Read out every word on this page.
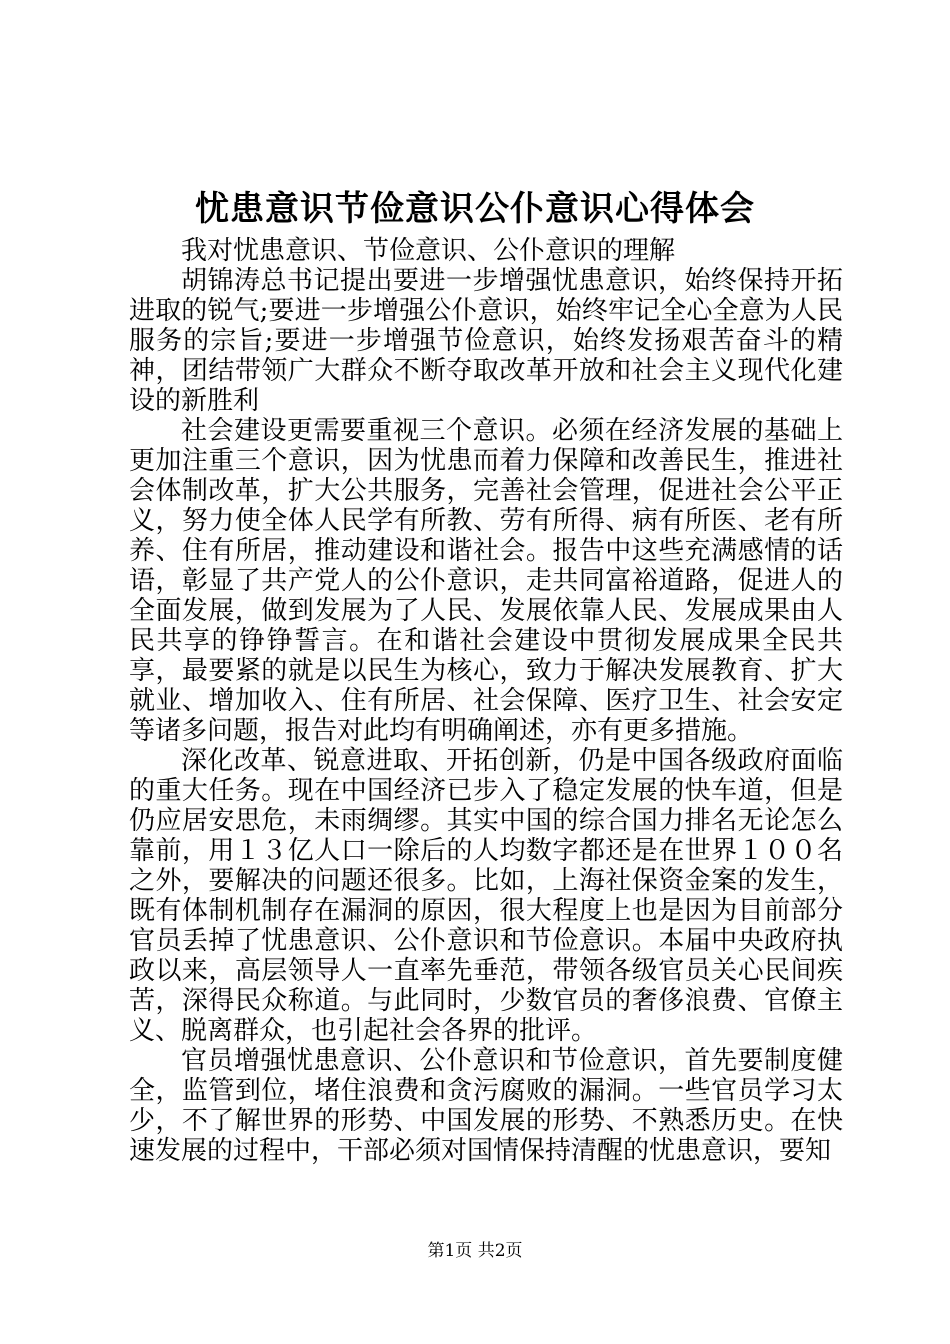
忧患意识节俭意识公仆意识心得体会

我对忧患意识、节俭意识、公仆意识的理解

胡锦涛总书记提出要进一步增强忧患意识，始终保持开拓进取的锐气;要进一步增强公仆意识，始终牢记全心全意为人民服务的宗旨;要进一步增强节俭意识，始终发扬艰苦奋斗的精神，团结带领广大群众不断夺取改革开放和社会主义现代化建设的新胜利

社会建设更需要重视三个意识。必须在经济发展的基础上更加注重三个意识，因为忧患而着力保障和改善民生，推进社会体制改革，扩大公共服务，完善社会管理，促进社会公平正义，努力使全体人民学有所教、劳有所得、病有所医、老有所养、住有所居，推动建设和谐社会。报告中这些充满感情的话语，彰显了共产党人的公仆意识，走共同富裕道路，促进人的全面发展，做到发展为了人民、发展依靠人民、发展成果由人民共享的铮铮誓言。在和谐社会建设中贯彻发展成果全民共享，最要紧的就是以民生为核心，致力于解决发展教育、扩大就业、增加收入、住有所居、社会保障、医疗卫生、社会安定等诸多问题，报告对此均有明确阐述，亦有更多措施。

深化改革、锐意进取、开拓创新，仍是中国各级政府面临的重大任务。现在中国经济已步入了稳定发展的快车道，但是仍应居安思危，未雨绸缪。其实中国的综合国力排名无论怎么靠前，用１３亿人口一除后的人均数字都还是在世界１００名之外，要解决的问题还很多。比如，上海社保资金案的发生，既有体制机制存在漏洞的原因，很大程度上也是因为目前部分官员丢掉了忧患意识、公仆意识和节俭意识。本届中央政府执政以来，高层领导人一直率先垂范，带领各级官员关心民间疾苦，深得民众称道。与此同时，少数官员的奢侈浪费、官僚主义、脱离群众，也引起社会各界的批评。

官员增强忧患意识、公仆意识和节俭意识，首先要制度健全，监管到位，堵住浪费和贪污腐败的漏洞。一些官员学习太少，不了解世界的形势、中国发展的形势、不熟悉历史。在快速发展的过程中，干部必须对国情保持清醒的忧患意识，要知

第1页 共2页
